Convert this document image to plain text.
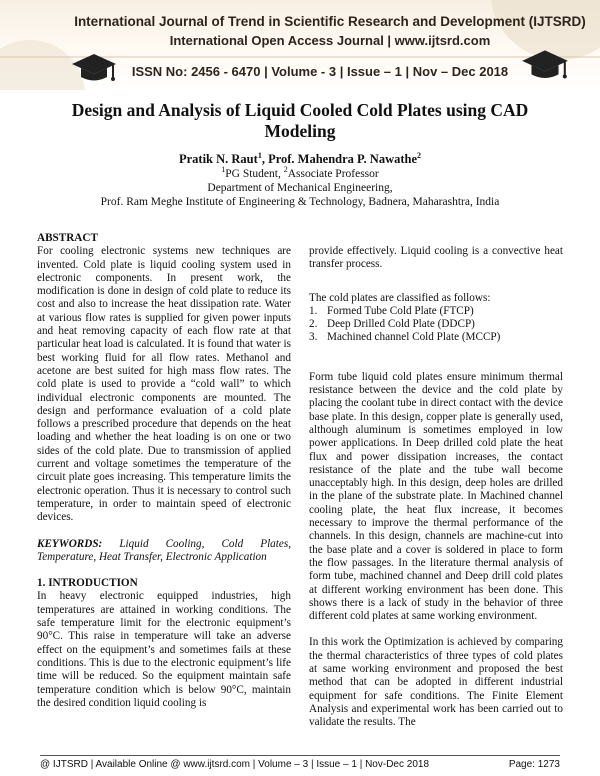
International Journal of Trend in Scientific Research and Development (IJTSRD)
International Open Access Journal | www.ijtsrd.com
ISSN No: 2456 - 6470 | Volume - 3 | Issue – 1 | Nov – Dec 2018
Design and Analysis of Liquid Cooled Cold Plates using CAD Modeling
Pratik N. Raut$^1$, Prof. Mahendra P. Nawathe$^2$
$^1$PG Student, $^2$Associate Professor
Department of Mechanical Engineering,
Prof. Ram Meghe Institute of Engineering & Technology, Badnera, Maharashtra, India

ABSTRACT

For cooling electronic systems new techniques are invented. Cold plate is liquid cooling system used in electronic components. In present work, the modification is done in design of cold plate to reduce its cost and also to increase the heat dissipation rate. Water at various flow rates is supplied for given power inputs and heat removing capacity of each flow rate at that particular heat load is calculated. It is found that water is best working fluid for all flow rates. Methanol and acetone are best suited for high mass flow rates. The cold plate is used to provide a “cold wall” to which individual electronic components are mounted. The design and performance evaluation of a cold plate follows a prescribed procedure that depends on the heat loading and whether the heat loading is on one or two sides of the cold plate. Due to transmission of applied current and voltage sometimes the temperature of the circuit plate goes increasing. This temperature limits the electronic operation. Thus it is necessary to control such temperature, in order to maintain speed of electronic devices.

KEYWORDS: Liquid Cooling, Cold Plates, Temperature, Heat Transfer, Electronic Application

1. INTRODUCTION

In heavy electronic equipped industries, high temperatures are attained in working conditions. The safe temperature limit for the electronic equipment’s 90°C. This raise in temperature will take an adverse effect on the equipment’s and sometimes fails at these conditions. This is due to the electronic equipment’s life time will be reduced. So the equipment maintain safe temperature condition which is below 90°C, maintain the desired condition liquid cooling is

provide effectively. Liquid cooling is a convective heat transfer process.

The cold plates are classified as follows:

1. Formed Tube Cold Plate (FTCP)
2. Deep Drilled Cold Plate (DDCP)
3. Machined channel Cold Plate (MCCP)

Form tube liquid cold plates ensure minimum thermal resistance between the device and the cold plate by placing the coolant tube in direct contact with the device base plate. In this design, copper plate is generally used, although aluminum is sometimes employed in low power applications. In Deep drilled cold plate the heat flux and power dissipation increases, the contact resistance of the plate and the tube wall become unacceptably high. In this design, deep holes are drilled in the plane of the substrate plate. In Machined channel cooling plate, the heat flux increase, it becomes necessary to improve the thermal performance of the channels. In this design, channels are machine-cut into the base plate and a cover is soldered in place to form the flow passages. In the literature thermal analysis of form tube, machined channel and Deep drill cold plates at different working environment has been done. This shows there is a lack of study in the behavior of three different cold plates at same working environment.

In this work the Optimization is achieved by comparing the thermal characteristics of three types of cold plates at same working environment and proposed the best method that can be adopted in different industrial equipment for safe conditions. The Finite Element Analysis and experimental work has been carried out to validate the results. The

@ IJTSRD | Available Online @ www.ijtsrd.com | Volume – 3 | Issue – 1 | Nov-Dec 2018	Page: 1273
